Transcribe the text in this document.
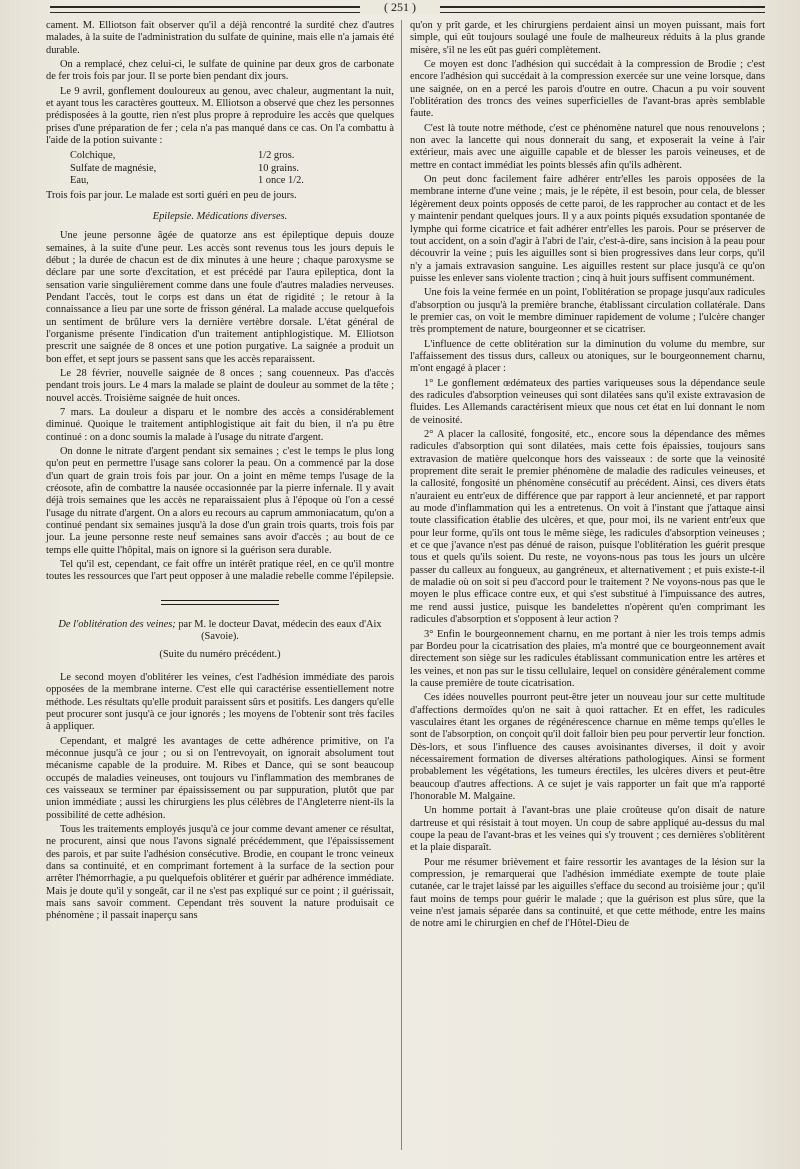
( 251 )

cament. M. Elliotson fait observer qu'il a déjà rencontré la surdité chez d'autres malades, à la suite de l'administration du sulfate de quinine, mais elle n'a jamais été durable.

On a remplacé, chez celui-ci, le sulfate de quinine par deux gros de carbonate de fer trois fois par jour. Il se porte bien pendant dix jours.

Le 9 avril, gonflement douloureux au genou, avec chaleur, augmentant la nuit, et ayant tous les caractères goutteux. M. Elliotson a observé que chez les personnes prédisposées à la goutte, rien n'est plus propre à reproduire les accès que quelques prises d'une préparation de fer ; cela n'a pas manqué dans ce cas. On l'a combattu à l'aide de la potion suivante :

Colchique,	1/2 gros.
Sulfate de magnésie,	10 grains.
Eau,	1 once 1/2.

Trois fois par jour. Le malade est sorti guéri en peu de jours.

Epilepsie. Médications diverses.

Une jeune personne âgée de quatorze ans est épileptique depuis douze semaines, à la suite d'une peur. Les accès sont revenus tous les jours depuis le début ; la durée de chacun est de dix minutes à une heure ; chaque paroxysme se déclare par une sorte d'excitation, et est précédé par l'aura epileptica, dont la sensation varie singulièrement comme dans une foule d'autres maladies nerveuses. Pendant l'accès, tout le corps est dans un état de rigidité ; le retour à la connaissance a lieu par une sorte de frisson général. La malade accuse quelquefois un sentiment de brûlure vers la dernière vertèbre dorsale. L'état général de l'organisme présente l'indication d'un traitement antiphlogistique. M. Elliotson prescrit une saignée de 8 onces et une potion purgative. La saignée a produit un bon effet, et sept jours se passent sans que les accès reparaissent.

Le 28 février, nouvelle saignée de 8 onces ; sang couenneux. Pas d'accès pendant trois jours. Le 4 mars la malade se plaint de douleur au sommet de la tête ; nouvel accès. Troisième saignée de huit onces.

7 mars. La douleur a disparu et le nombre des accès a considérablement diminué. Quoique le traitement antiphlogistique ait fait du bien, il n'a pu être continué : on a donc soumis la malade à l'usage du nitrate d'argent.

On donne le nitrate d'argent pendant six semaines ; c'est le temps le plus long qu'on peut en permettre l'usage sans colorer la peau. On a commencé par la dose d'un quart de grain trois fois par jour. On a joint en même temps l'usage de la créosote, afin de combattre la nausée occasionnée par la pierre infernale. Il y avait déjà trois semaines que les accès ne reparaissaient plus à l'époque où l'on a cessé l'usage du nitrate d'argent. On a alors eu recours au caprum ammoniacatum, qu'on a continué pendant six semaines jusqu'à la dose d'un grain trois quarts, trois fois par jour. La jeune personne reste neuf semaines sans avoir d'accès ; au bout de ce temps elle quitte l'hôpital, mais on ignore si la guérison sera durable.

Tel qu'il est, cependant, ce fait offre un intérêt pratique réel, en ce qu'il montre toutes les ressources que l'art peut opposer à une maladie rebelle comme l'épilepsie.

De l'oblitération des veines; par M. le docteur Davat, médecin des eaux d'Aix (Savoie).

(Suite du numéro précédent.)

Le second moyen d'oblitérer les veines, c'est l'adhésion immédiate des parois opposées de la membrane interne. C'est elle qui caractérise essentiellement notre méthode. Les résultats qu'elle produit paraissent sûrs et positifs. Les dangers qu'elle peut procurer sont jusqu'à ce jour ignorés ; les moyens de l'obtenir sont très faciles à appliquer.

Cependant, et malgré les avantages de cette adhérence primitive, on l'a méconnue jusqu'à ce jour ; ou si on l'entrevoyait, on ignorait absolument tout mécanisme capable de la produire. M. Ribes et Dance, qui se sont beaucoup occupés de maladies veineuses, ont toujours vu l'inflammation des membranes de ces vaisseaux se terminer par épaississement ou par suppuration, plutôt que par union immédiate ; aussi les chirurgiens les plus célèbres de l'Angleterre nient-ils la possibilité de cette adhésion.

Tous les traitements employés jusqu'à ce jour comme devant amener ce résultat, ne procurent, ainsi que nous l'avons signalé précédemment, que l'épaississement des parois, et par suite l'adhésion consécutive. Brodie, en coupant le tronc veineux dans sa continuité, et en comprimant fortement à la surface de la section pour arrêter l'hémorrhagie, a pu quelquefois oblitérer et guérir par adhérence immédiate. Mais je doute qu'il y songeât, car il ne s'est pas expliqué sur ce point ; il guérissait, mais sans savoir comment. Cependant très souvent la nature produisait ce phénomène ; il passait inaperçu sans

qu'on y prît garde, et les chirurgiens perdaient ainsi un moyen puissant, mais fort simple, qui eût toujours soulagé une foule de malheureux réduits à la plus grande misère, s'il ne les eût pas guéri complètement.

Ce moyen est donc l'adhésion qui succédait à la compression de Brodie ; c'est encore l'adhésion qui succédait à la compression exercée sur une veine lorsque, dans une saignée, on en a percé les parois d'outre en outre. Chacun a pu voir souvent l'oblitération des troncs des veines superficielles de l'avant-bras après semblable faute.

C'est là toute notre méthode, c'est ce phénomène naturel que nous renouvelons ; non avec la lancette qui nous donnerait du sang, et exposerait la veine à l'air extérieur, mais avec une aiguille capable et de blesser les parois veineuses, et de mettre en contact immédiat les points blessés afin qu'ils adhèrent.

On peut donc facilement faire adhérer entr'elles les parois opposées de la membrane interne d'une veine ; mais, je le répète, il est besoin, pour cela, de blesser légèrement deux points opposés de cette paroi, de les rapprocher au contact et de les y maintenir pendant quelques jours. Il y a aux points piqués exsudation spontanée de lymphe qui forme cicatrice et fait adhérer entr'elles les parois. Pour se préserver de tout accident, on a soin d'agir à l'abri de l'air, c'est-à-dire, sans incision à la peau pour découvrir la veine ; puis les aiguilles sont si bien progressives dans leur corps, qu'il n'y a jamais extravasion sanguine. Les aiguilles restent sur place jusqu'à ce qu'on puisse les enlever sans violente traction ; cinq à huit jours suffisent communément.

Une fois la veine fermée en un point, l'oblitération se propage jusqu'aux radicules d'absorption ou jusqu'à la première branche, établissant circulation collatérale. Dans le premier cas, on voit le membre diminuer rapidement de volume ; l'ulcère changer très promptement de nature, bourgeonner et se cicatriser.

L'influence de cette oblitération sur la diminution du volume du membre, sur l'affaissement des tissus durs, calleux ou atoniques, sur le bourgeonnement charnu, m'ont engagé à placer :

1° Le gonflement œdémateux des parties variqueuses sous la dépendance seule des radicules d'absorption veineuses qui sont dilatées sans qu'il existe extravasion de fluides. Les Allemands caractérisent mieux que nous cet état en lui donnant le nom de veinosité.

2° A placer la callosité, fongosité, etc., encore sous la dépendance des mêmes radicules d'absorption qui sont dilatées, mais cette fois épaissies, toujours sans extravasion de matière quelconque hors des vaisseaux : de sorte que la veinosité proprement dite serait le premier phénomène de maladie des radicules veineuses, et la callosité, fongosité un phénomène consécutif au précédent. Ainsi, ces divers états n'auraient eu entr'eux de différence que par rapport à leur ancienneté, et par rapport au mode d'inflammation qui les a entretenus. On voit à l'instant que j'attaque ainsi toute classification établie des ulcères, et que, pour moi, ils ne varient entr'eux que pour leur forme, qu'ils ont tous le même siège, les radicules d'absorption veineuses ; et ce que j'avance n'est pas dénué de raison, puisque l'oblitération les guérit presque tous et quels qu'ils soient. Du reste, ne voyons-nous pas tous les jours un ulcère passer du calleux au fongueux, au gangréneux, et alternativement ; et puis existe-t-il de maladie où on soit si peu d'accord pour le traitement ? Ne voyons-nous pas que le moyen le plus efficace contre eux, et qui s'est substitué à l'impuissance des autres, me rend aussi justice, puisque les bandelettes n'opèrent qu'en comprimant les radicules d'absorption et s'opposent à leur action ?

3° Enfin le bourgeonnement charnu, en me portant à nier les trois temps admis par Bordeu pour la cicatrisation des plaies, m'a montré que ce bourgeonnement avait directement son siège sur les radicules établissant communication entre les artères et les veines, et non pas sur le tissu cellulaire, lequel on considère généralement comme la cause première de toute cicatrisation.

Ces idées nouvelles pourront peut-être jeter un nouveau jour sur cette multitude d'affections dermoïdes qu'on ne sait à quoi rattacher. Et en effet, les radicules vasculaires étant les organes de régénérescence charnue en même temps qu'elles le sont de l'absorption, on conçoit qu'il doit falloir bien peu pour pervertir leur fonction. Dès-lors, et sous l'influence des causes avoisinantes diverses, il doit y avoir nécessairement formation de diverses altérations pathologiques. Ainsi se forment probablement les végétations, les tumeurs érectiles, les ulcères divers et peut-être beaucoup d'autres affections. A ce sujet je vais rapporter un fait que m'a rapporté l'honorable M. Malgaine.

Un homme portait à l'avant-bras une plaie croûteuse qu'on disait de nature dartreuse et qui résistait à tout moyen. Un coup de sabre appliqué au-dessus du mal coupe la peau de l'avant-bras et les veines qui s'y trouvent ; ces dernières s'oblitèrent et la plaie disparaît.

Pour me résumer brièvement et faire ressortir les avantages de la lésion sur la compression, je remarquerai que l'adhésion immédiate exempte de toute plaie cutanée, car le trajet laissé par les aiguilles s'efface du second au troisième jour ; qu'il faut moins de temps pour guérir le malade ; que la guérison est plus sûre, que la veine n'est jamais séparée dans sa continuité, et que cette méthode, entre les mains de notre ami le chirurgien en chef de l'Hôtel-Dieu de
